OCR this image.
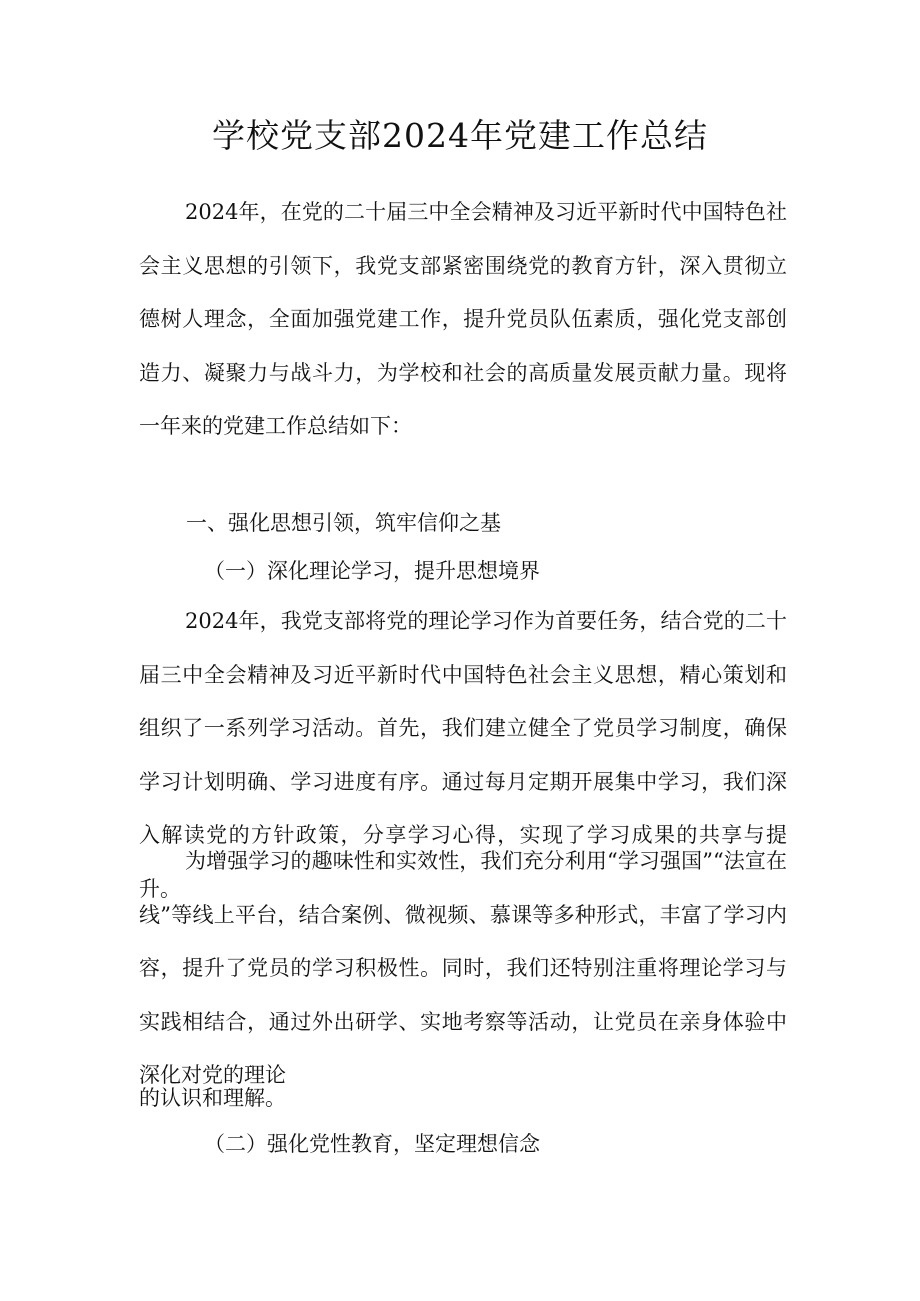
学校党支部2024年党建工作总结
2024年，在党的二十届三中全会精神及习近平新时代中国特色社会主义思想的引领下，我党支部紧密围绕党的教育方针，深入贯彻立德树人理念，全面加强党建工作，提升党员队伍素质，强化党支部创造力、凝聚力与战斗力，为学校和社会的高质量发展贡献力量。现将一年来的党建工作总结如下：
一、强化思想引领，筑牢信仰之基
（一）深化理论学习，提升思想境界
2024年，我党支部将党的理论学习作为首要任务，结合党的二十届三中全会精神及习近平新时代中国特色社会主义思想，精心策划和组织了一系列学习活动。首先，我们建立健全了党员学习制度，确保学习计划明确、学习进度有序。通过每月定期开展集中学习，我们深入解读党的方针政策，分享学习心得，实现了学习成果的共享与提升。
为增强学习的趣味性和实效性，我们充分利用“学习强国”“法宣在线”等线上平台，结合案例、微视频、慕课等多种形式，丰富了学习内容，提升了党员的学习积极性。同时，我们还特别注重将理论学习与实践相结合，通过外出研学、实地考察等活动，让党员在亲身体验中深化对党的理论
的认识和理解。
（二）强化党性教育，坚定理想信念
